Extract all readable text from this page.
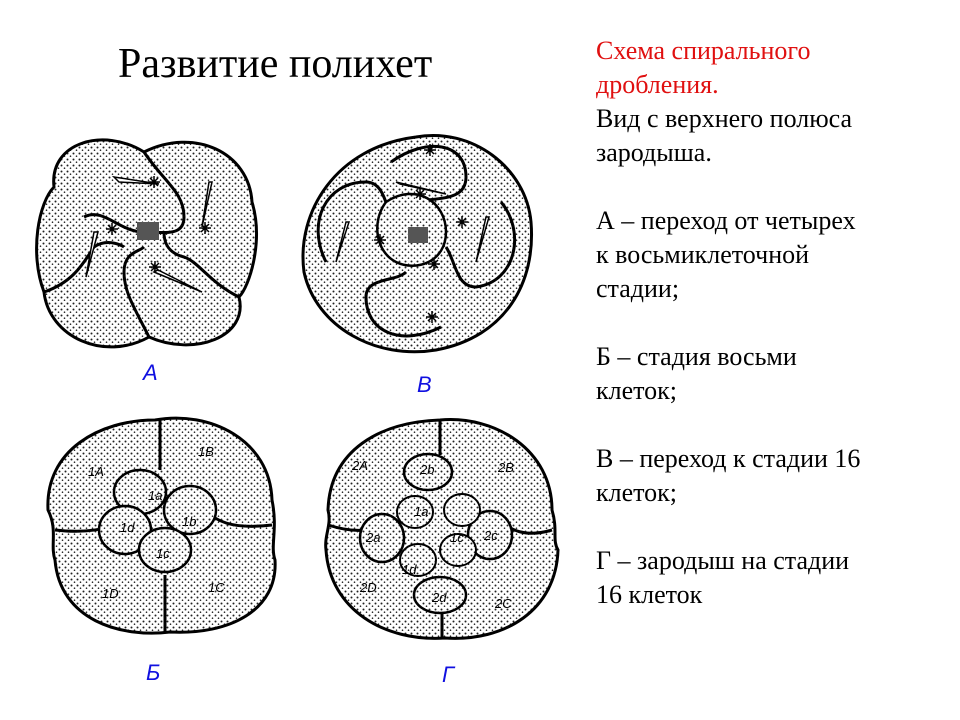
Развитие полихет
А	В
1A
1B
1a
1b
1d
1c
1C
1D
Б
2A	2B
2b
1a
2a	1c 2c
1d
2d
2D
2C
Г

Схема спирального

дробления.

Вид с верхнего полюса

зародыша.

А – переход от четырех

к восьмиклеточной

стадии;

Б – стадия восьми

клеток;

В – переход к стадии 16

клеток;

Г – зародыш на стадии

16 клеток
